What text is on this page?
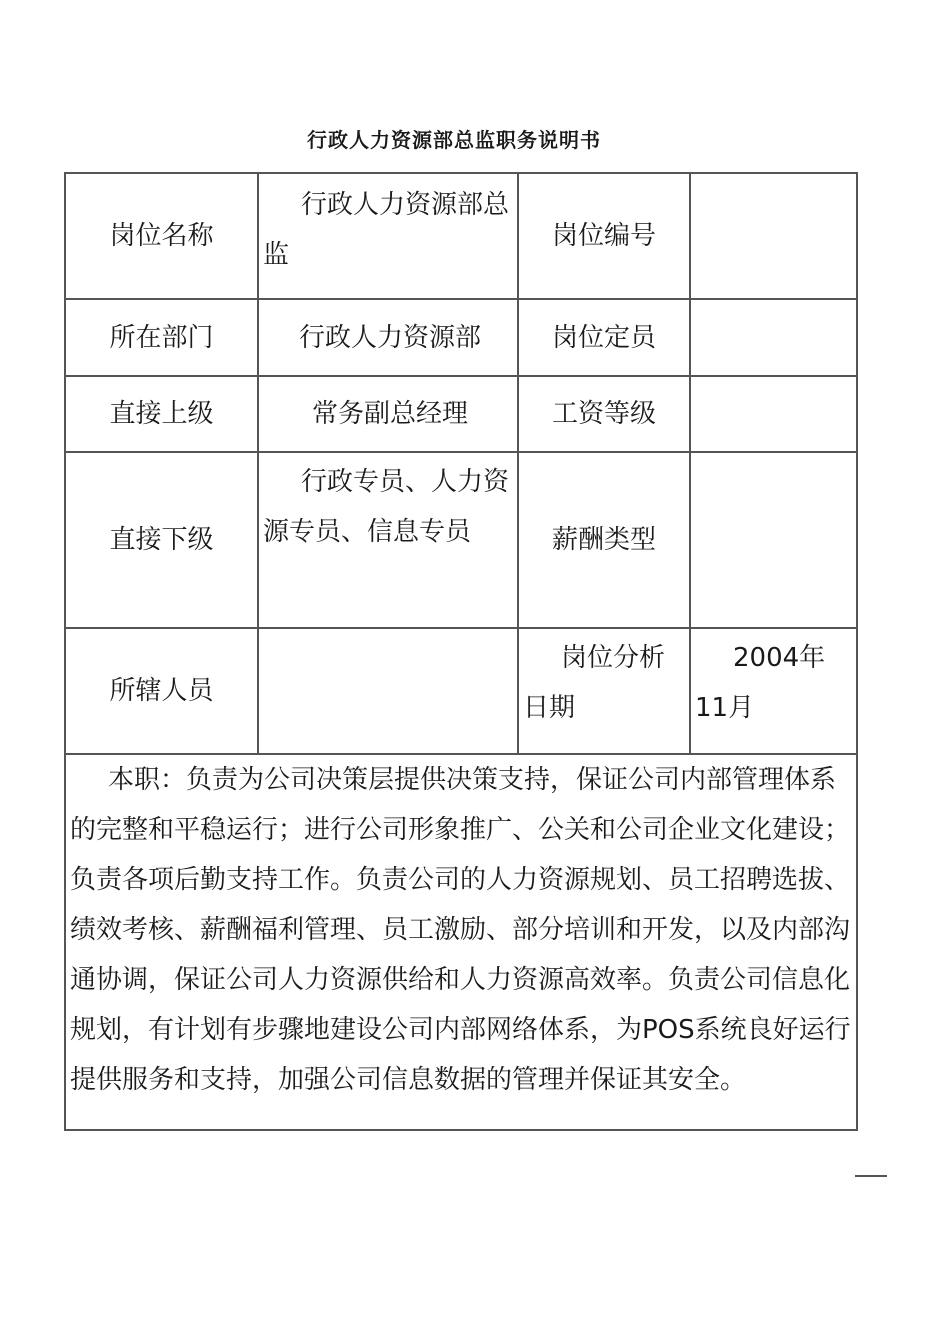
行政人力资源部总监职务说明书
岗位名称	行政人力资源部总监	岗位编号	
所在部门	行政人力资源部	岗位定员	
直接上级	常务副总经理	工资等级	
直接下级	行政专员、人力资源专员、信息专员	薪酬类型	
所辖人员		岗位分析日期	2004年11月

本职：负责为公司决策层提供决策支持，保证公司内部管理体系的完整和平稳运行；进行公司形象推广、公关和公司企业文化建设；负责各项后勤支持工作。负责公司的人力资源规划、员工招聘选拔、绩效考核、薪酬福利管理、员工激励、部分培训和开发，以及内部沟通协调，保证公司人力资源供给和人力资源高效率。负责公司信息化规划，有计划有步骤地建设公司内部网络体系，为POS系统良好运行提供服务和支持，加强公司信息数据的管理并保证其安全。			
